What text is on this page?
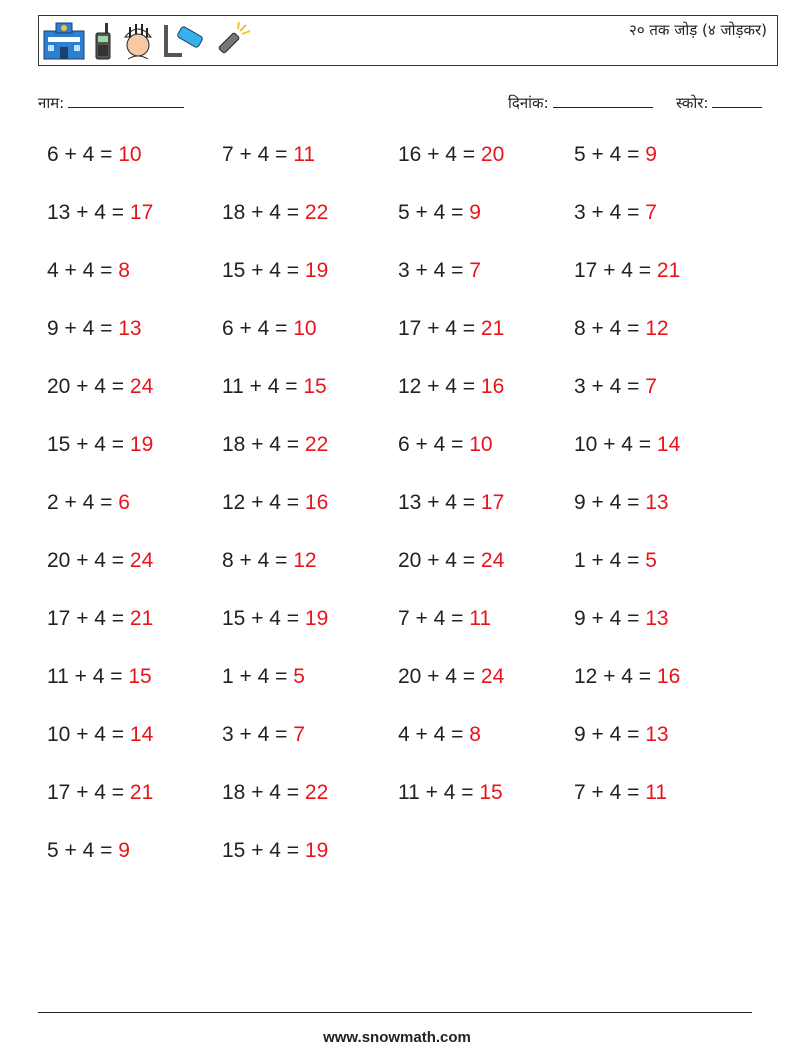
२० तक जोड़ (४ जोड़कर)
नाम:	दिनांक:	स्कोर:
6 + 4 = 10
13 + 4 = 17
4 + 4 = 8
9 + 4 = 13
20 + 4 = 24
15 + 4 = 19
2 + 4 = 6
20 + 4 = 24
17 + 4 = 21
11 + 4 = 15
10 + 4 = 14
17 + 4 = 21
5 + 4 = 9
7 + 4 = 11
18 + 4 = 22
15 + 4 = 19
6 + 4 = 10
11 + 4 = 15
18 + 4 = 22
12 + 4 = 16
8 + 4 = 12
15 + 4 = 19
1 + 4 = 5
3 + 4 = 7
18 + 4 = 22
15 + 4 = 19
16 + 4 = 20
5 + 4 = 9
3 + 4 = 7
17 + 4 = 21
12 + 4 = 16
6 + 4 = 10
13 + 4 = 17
20 + 4 = 24
7 + 4 = 11
20 + 4 = 24
4 + 4 = 8
11 + 4 = 15
5 + 4 = 9
3 + 4 = 7
17 + 4 = 21
8 + 4 = 12
3 + 4 = 7
10 + 4 = 14
9 + 4 = 13
1 + 4 = 5
9 + 4 = 13
12 + 4 = 16
9 + 4 = 13
7 + 4 = 11
www.snowmath.com
